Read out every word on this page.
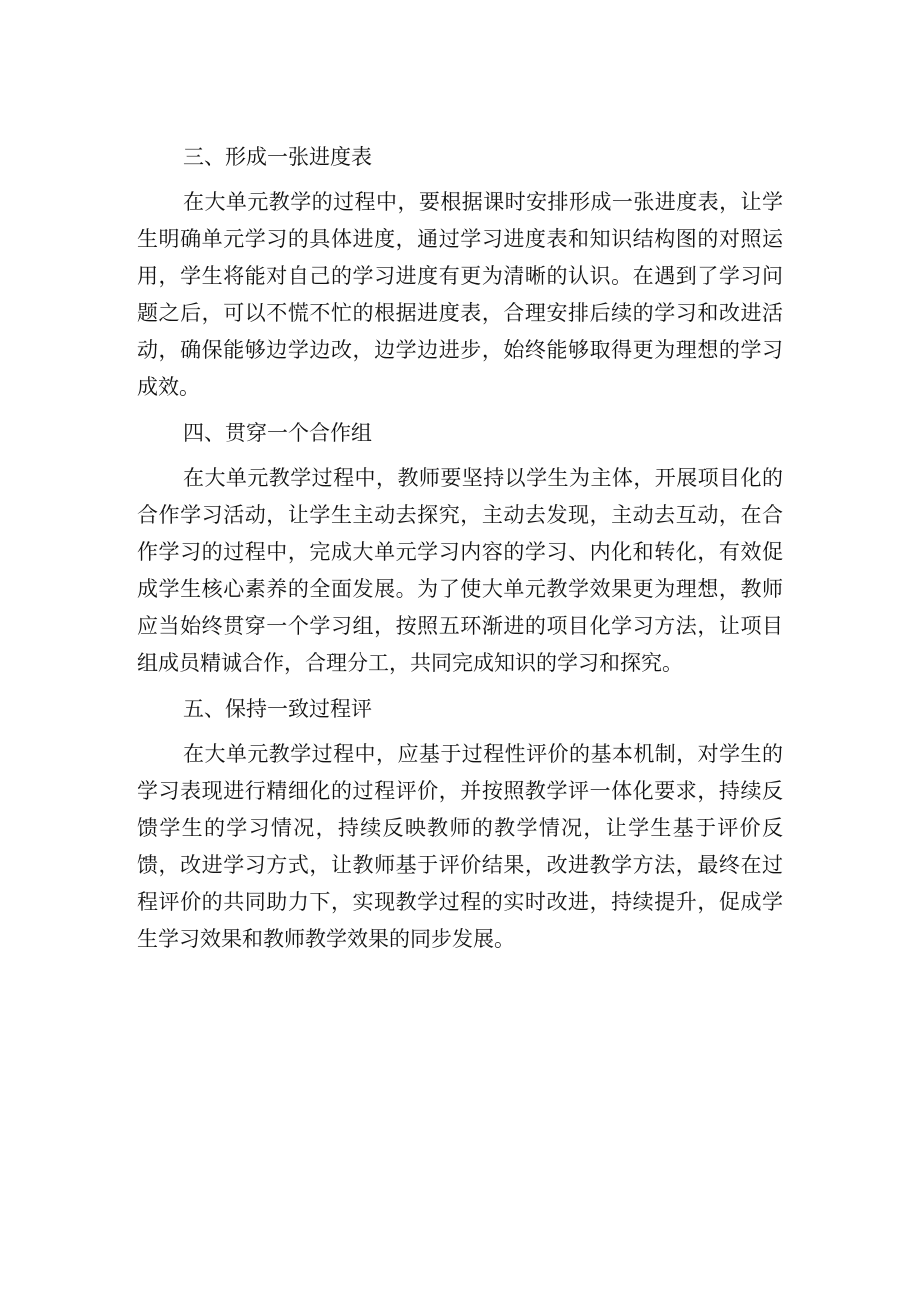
三、形成一张进度表

在大单元教学的过程中，要根据课时安排形成一张进度表，让学生明确单元学习的具体进度，通过学习进度表和知识结构图的对照运用，学生将能对自己的学习进度有更为清晰的认识。在遇到了学习问题之后，可以不慌不忙的根据进度表，合理安排后续的学习和改进活动，确保能够边学边改，边学边进步，始终能够取得更为理想的学习成效。

四、贯穿一个合作组

在大单元教学过程中，教师要坚持以学生为主体，开展项目化的合作学习活动，让学生主动去探究，主动去发现，主动去互动，在合作学习的过程中，完成大单元学习内容的学习、内化和转化，有效促成学生核心素养的全面发展。为了使大单元教学效果更为理想，教师应当始终贯穿一个学习组，按照五环渐进的项目化学习方法，让项目组成员精诚合作，合理分工，共同完成知识的学习和探究。

五、保持一致过程评

在大单元教学过程中，应基于过程性评价的基本机制，对学生的学习表现进行精细化的过程评价，并按照教学评一体化要求，持续反馈学生的学习情况，持续反映教师的教学情况，让学生基于评价反馈，改进学习方式，让教师基于评价结果，改进教学方法，最终在过程评价的共同助力下，实现教学过程的实时改进，持续提升，促成学生学习效果和教师教学效果的同步发展。
